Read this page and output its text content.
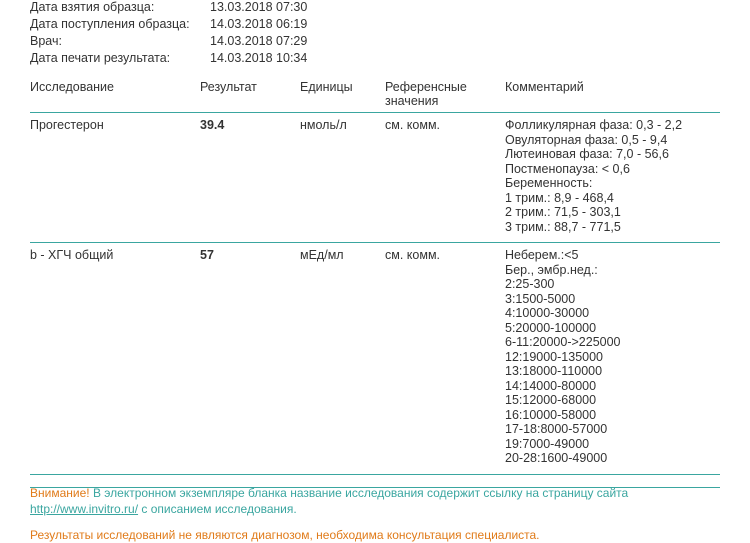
Дата взятия образца:	13.03.2018 07:30
Дата поступления образца:	14.03.2018 06:19
Врач:	14.03.2018 07:29
Дата печати результата:	14.03.2018 10:34
Исследование	Результат	Единицы	Референсные
значения	Комментарий
Прогестерон	39.4	нмоль/л	см. комм.	Фолликулярная фаза: 0,3 - 2,2
Овуляторная фаза: 0,5 - 9,4
Лютеиновая фаза: 7,0 - 56,6
Постменопауза: < 0,6
Беременность:
1 трим.: 8,9 - 468,4
2 трим.: 71,5 - 303,1
3 трим.: 88,7 - 771,5

b - ХГЧ общий	57	мЕд/мл	см. комм.	Неберем.:<5
Бер., эмбр.нед.:
2:25-300
3:1500-5000
4:10000-30000
5:20000-100000
6-11:20000->225000
12:19000-135000
13:18000-110000
14:14000-80000
15:12000-68000
16:10000-58000
17-18:8000-57000
19:7000-49000
20-28:1600-49000
Внимание! В электронном экземпляре бланка название исследования содержит ссылку на страницу сайта
http://www.invitro.ru/ с описанием исследования.
Результаты исследований не являются диагнозом, необходима консультация специалиста.
